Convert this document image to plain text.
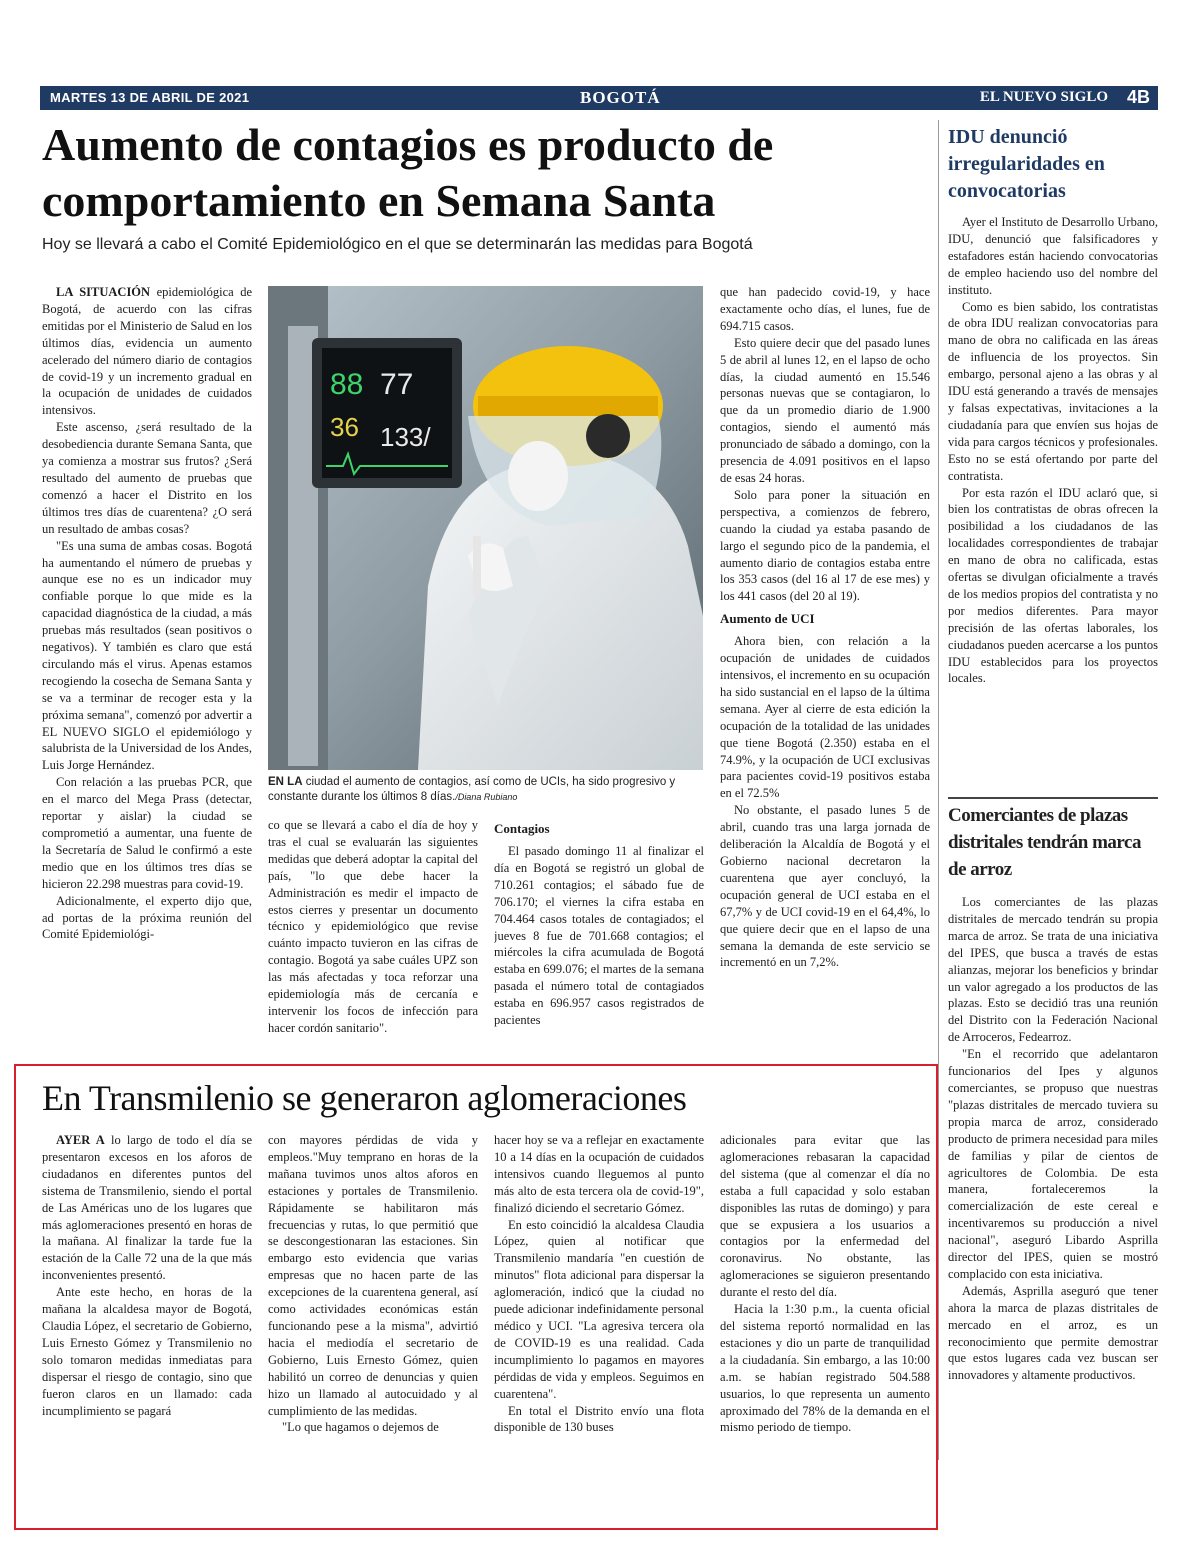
MARTES 13 DE ABRIL DE 2021	BOGOTÁ	EL NUEVO SIGLO 4B
Aumento de contagios es producto de comportamiento en Semana Santa
Hoy se llevará a cabo el Comité Epidemiológico en el que se determinarán las medidas para Bogotá

LA SITUACIÓN epidemiológica de Bogotá, de acuerdo con las cifras emitidas por el Ministerio de Salud en los últimos días, evidencia un aumento acelerado del número diario de contagios de covid-19 y un incremento gradual en la ocupación de unidades de cuidados intensivos.

Este ascenso, ¿será resultado de la desobediencia durante Semana Santa, que ya comienza a mostrar sus frutos? ¿Será resultado del aumento de pruebas que comenzó a hacer el Distrito en los últimos tres días de cuarentena? ¿O será un resultado de ambas cosas?

"Es una suma de ambas cosas. Bogotá ha aumentando el número de pruebas y aunque ese no es un indicador muy confiable porque lo que mide es la capacidad diagnóstica de la ciudad, a más pruebas más resultados (sean positivos o negativos). Y también es claro que está circulando más el virus. Apenas estamos recogiendo la cosecha de Semana Santa y se va a terminar de recoger esta y la próxima semana", comenzó por advertir a EL NUEVO SIGLO el epidemiólogo y salubrista de la Universidad de los Andes, Luis Jorge Hernández.

Con relación a las pruebas PCR, que en el marco del Mega Prass (detectar, reportar y aislar) la ciudad se comprometió a aumentar, una fuente de la Secretaría de Salud le confirmó a este medio que en los últimos tres días se hicieron 22.298 muestras para covid-19.

Adicionalmente, el experto dijo que, ad portas de la próxima reunión del Comité Epidemiológi-

88 77
36 133/
EN LA ciudad el aumento de contagios, así como de UCIs, ha sido progresivo y constante durante los últimos 8 días./Diana Rubiano

co que se llevará a cabo el día de hoy y tras el cual se evaluarán las siguientes medidas que deberá adoptar la capital del país, "lo que debe hacer la Administración es medir el impacto de estos cierres y presentar un documento técnico y epidemiológico que revise cuánto impacto tuvieron en las cifras de contagio. Bogotá ya sabe cuáles UPZ son las más afectadas y toca reforzar una epidemiología más de cercanía e intervenir los focos de infección para hacer cordón sanitario".

Contagios

El pasado domingo 11 al finalizar el día en Bogotá se registró un global de 710.261 contagios; el sábado fue de 706.170; el viernes la cifra estaba en 704.464 casos totales de contagiados; el jueves 8 fue de 701.668 contagios; el miércoles la cifra acumulada de Bogotá estaba en 699.076; el martes de la semana pasada el número total de contagiados estaba en 696.957 casos registrados de pacientes

que han padecido covid-19, y hace exactamente ocho días, el lunes, fue de 694.715 casos.

Esto quiere decir que del pasado lunes 5 de abril al lunes 12, en el lapso de ocho días, la ciudad aumentó en 15.546 personas nuevas que se contagiaron, lo que da un promedio diario de 1.900 contagios, siendo el aumentó más pronunciado de sábado a domingo, con la presencia de 4.091 positivos en el lapso de esas 24 horas.

Solo para poner la situación en perspectiva, a comienzos de febrero, cuando la ciudad ya estaba pasando de largo el segundo pico de la pandemia, el aumento diario de contagios estaba entre los 353 casos (del 16 al 17 de ese mes) y los 441 casos (del 20 al 19).

Aumento de UCI

Ahora bien, con relación a la ocupación de unidades de cuidados intensivos, el incremento en su ocupación ha sido sustancial en el lapso de la última semana. Ayer al cierre de esta edición la ocupación de la totalidad de las unidades que tiene Bogotá (2.350) estaba en el 74.9%, y la ocupación de UCI exclusivas para pacientes covid-19 positivos estaba en el 72.5%

No obstante, el pasado lunes 5 de abril, cuando tras una larga jornada de deliberación la Alcaldía de Bogotá y el Gobierno nacional decretaron la cuarentena que ayer concluyó, la ocupación general de UCI estaba en el 67,7% y de UCI covid-19 en el 64,4%, lo que quiere decir que en el lapso de una semana la demanda de este servicio se incrementó en un 7,2%.

IDU denunció irregularidades en convocatorias

Ayer el Instituto de Desarrollo Urbano, IDU, denunció que falsificadores y estafadores están haciendo convocatorias de empleo haciendo uso del nombre del instituto.

Como es bien sabido, los contratistas de obra IDU realizan convocatorias para mano de obra no calificada en las áreas de influencia de los proyectos. Sin embargo, personal ajeno a las obras y al IDU está generando a través de mensajes y falsas expectativas, invitaciones a la ciudadanía para que envíen sus hojas de vida para cargos técnicos y profesionales. Esto no se está ofertando por parte del contratista.

Por esta razón el IDU aclaró que, si bien los contratistas de obras ofrecen la posibilidad a los ciudadanos de las localidades correspondientes de trabajar en mano de obra no calificada, estas ofertas se divulgan oficialmente a través de los medios propios del contratista y no por medios diferentes. Para mayor precisión de las ofertas laborales, los ciudadanos pueden acercarse a los puntos IDU establecidos para los proyectos locales.

Comerciantes de plazas distritales tendrán marca de arroz

Los comerciantes de las plazas distritales de mercado tendrán su propia marca de arroz. Se trata de una iniciativa del IPES, que busca a través de estas alianzas, mejorar los beneficios y brindar un valor agregado a los productos de las plazas. Esto se decidió tras una reunión del Distrito con la Federación Nacional de Arroceros, Fedearroz.

"En el recorrido que adelantaron funcionarios del Ipes y algunos comerciantes, se propuso que nuestras "plazas distritales de mercado tuviera su propia marca de arroz, considerado producto de primera necesidad para miles de familias y pilar de cientos de agricultores de Colombia. De esta manera, fortaleceremos la comercialización de este cereal e incentivaremos su producción a nivel nacional", aseguró Libardo Asprilla director del IPES, quien se mostró complacido con esta iniciativa.

Además, Asprilla aseguró que tener ahora la marca de plazas distritales de mercado en el arroz, es un reconocimiento que permite demostrar que estos lugares cada vez buscan ser innovadores y altamente productivos.

En Transmilenio se generaron aglomeraciones

AYER A lo largo de todo el día se presentaron excesos en los aforos de ciudadanos en diferentes puntos del sistema de Transmilenio, siendo el portal de Las Américas uno de los lugares que más aglomeraciones presentó en horas de la mañana. Al finalizar la tarde fue la estación de la Calle 72 una de la que más inconvenientes presentó.

Ante este hecho, en horas de la mañana la alcaldesa mayor de Bogotá, Claudia López, el secretario de Gobierno, Luis Ernesto Gómez y Transmilenio no solo tomaron medidas inmediatas para dispersar el riesgo de contagio, sino que fueron claros en un llamado: cada incumplimiento se pagará

con mayores pérdidas de vida y empleos."Muy temprano en horas de la mañana tuvimos unos altos aforos en estaciones y portales de Transmilenio. Rápidamente se habilitaron más frecuencias y rutas, lo que permitió que se descongestionaran las estaciones. Sin embargo esto evidencia que varias empresas que no hacen parte de las excepciones de la cuarentena general, así como actividades económicas están funcionando pese a la misma", advirtió hacia el mediodía el secretario de Gobierno, Luis Ernesto Gómez, quien habilitó un correo de denuncias y quien hizo un llamado al autocuidado y al cumplimiento de las medidas.

"Lo que hagamos o dejemos de

hacer hoy se va a reflejar en exactamente 10 a 14 días en la ocupación de cuidados intensivos cuando lleguemos al punto más alto de esta tercera ola de covid-19", finalizó diciendo el secretario Gómez.

En esto coincidió la alcaldesa Claudia López, quien al notificar que Transmilenio mandaría "en cuestión de minutos" flota adicional para dispersar la aglomeración, indicó que la ciudad no puede adicionar indefinidamente personal médico y UCI. "La agresiva tercera ola de COVID-19 es una realidad. Cada incumplimiento lo pagamos en mayores pérdidas de vida y empleos. Seguimos en cuarentena".

En total el Distrito envío una flota disponible de 130 buses

adicionales para evitar que las aglomeraciones rebasaran la capacidad del sistema (que al comenzar el día no estaba a full capacidad y solo estaban disponibles las rutas de domingo) y para que se expusiera a los usuarios a contagios por la enfermedad del coronavirus. No obstante, las aglomeraciones se siguieron presentando durante el resto del día.

Hacia la 1:30 p.m., la cuenta oficial del sistema reportó normalidad en las estaciones y dio un parte de tranquilidad a la ciudadanía. Sin embargo, a las 10:00 a.m. se habían registrado 504.588 usuarios, lo que representa un aumento aproximado del 78% de la demanda en el mismo periodo de tiempo.
